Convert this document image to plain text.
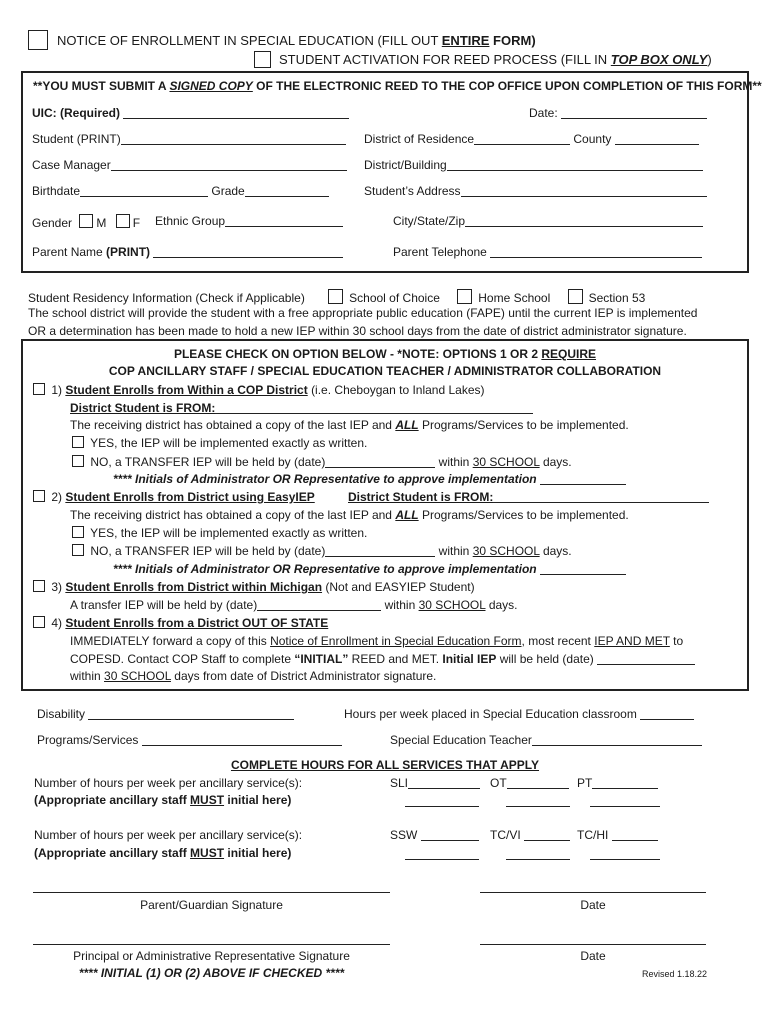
NOTICE OF ENROLLMENT IN SPECIAL EDUCATION (FILL OUT ENTIRE FORM)
STUDENT ACTIVATION FOR REED PROCESS (FILL IN TOP BOX ONLY)
**YOU MUST SUBMIT A SIGNED COPY OF THE ELECTRONIC REED TO THE COP OFFICE UPON COMPLETION OF THIS FORM**
UIC: (Required)	Date:
Student (PRINT)	District of Residence	County
Case Manager	District/Building
Birthdate	Grade	Student’s Address
Gender M F Ethnic Group	City/State/Zip
Parent Name (PRINT)	Parent Telephone
Student Residency Information (Check if Applicable)	School of Choice	Home School	Section 53
The school district will provide the student with a free appropriate public education (FAPE) until the current IEP is implemented
OR a determination has been made to hold a new IEP within 30 school days from the date of district administrator signature.
PLEASE CHECK ON OPTION BELOW - *NOTE: OPTIONS 1 OR 2 REQUIRE
COP ANCILLARY STAFF / SPECIAL EDUCATION TEACHER / ADMINISTRATOR COLLABORATION
1) Student Enrolls from Within a COP District (i.e. Cheboygan to Inland Lakes)
District Student is FROM:
The receiving district has obtained a copy of the last IEP and ALL Programs/Services to be implemented.
YES, the IEP will be implemented exactly as written.
NO, a TRANSFER IEP will be held by (date)	within 30 SCHOOL days.
**** Initials of Administrator OR Representative to approve implementation
2) Student Enrolls from District using EasyIEP	District Student is FROM:
The receiving district has obtained a copy of the last IEP and ALL Programs/Services to be implemented.
YES, the IEP will be implemented exactly as written.
NO, a TRANSFER IEP will be held by (date)	within 30 SCHOOL days.
**** Initials of Administrator OR Representative to approve implementation
3) Student Enrolls from District within Michigan (Not and EASYIEP Student)
A transfer IEP will be held by (date)	within 30 SCHOOL days.
4) Student Enrolls from a District OUT OF STATE
IMMEDIATELY forward a copy of this Notice of Enrollment in Special Education Form, most recent IEP AND MET to
COPESD. Contact COP Staff to complete “INITIAL” REED and MET. Initial IEP will be held (date)
within 30 SCHOOL days from date of District Administrator signature.
Disability	Hours per week placed in Special Education classroom
Programs/Services	Special Education Teacher
COMPLETE HOURS FOR ALL SERVICES THAT APPLY
Number of hours per week per ancillary service(s):
(Appropriate ancillary staff MUST initial here)
SLI	OT	PT
Number of hours per week per ancillary service(s):
(Appropriate ancillary staff MUST initial here)
SSW	TC/VI	TC/HI
Parent/Guardian Signature	Date
Principal or Administrative Representative Signature	Date
**** INITIAL (1) OR (2) ABOVE IF CHECKED ****	Revised 1.18.22
